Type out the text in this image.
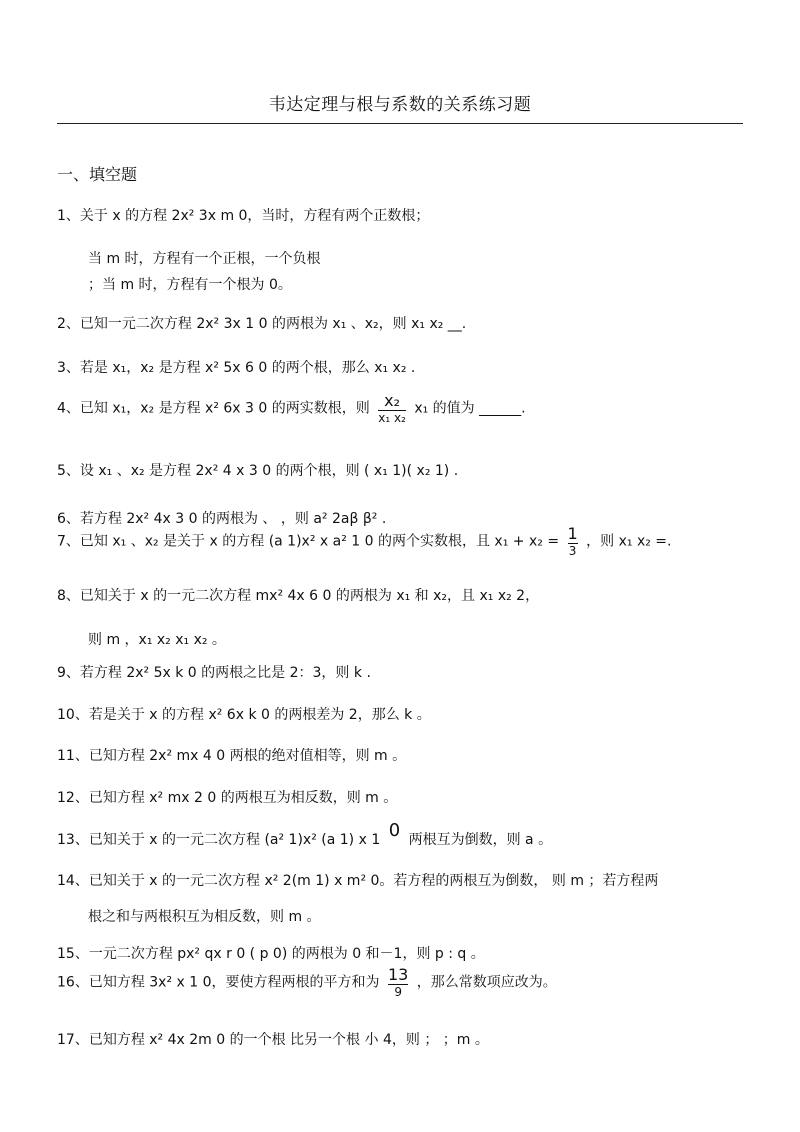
韦达定理与根与系数的关系练习题
一、填空题
1、关于 x 的方程 2x² 3x m 0，当时，方程有两个正数根；
当 m 时，方程有一个正根，一个负根
；当 m 时，方程有一个根为 0。
2、已知一元二次方程 2x² 3x 1 0 的两根为 x₁ 、x₂，则 x₁ x₂ __.
3、若是 x₁，x₂ 是方程 x² 5x 6 0 的两个根，那么 x₁ x₂ .
4、已知 x₁，x₂ 是方程 x² 6x 3 0 的两实数根，则 $\frac{\text{x₂}}{\text{x₁ x₂}} x_1$ 的值为 ______.
5、设 x₁ 、x₂ 是方程 2x² 4 x 3 0 的两个根，则 ( x₁ 1)( x₂ 1) .
6、若方程 2x² 4x 3 0 的两根为 、 ，则 a² 2aβ β² .
7、已知 x₁ 、x₂ 是关于 x 的方程 (a 1)x² x a² 1 0 的两个实数根，且 $x_1 + x_2 = \frac{1}{3}$ ，则 x₁ x₂ =.
8、已知关于 x 的一元二次方程 mx² 4x 6 0 的两根为 x₁ 和 x₂，且 x₁ x₂ 2，
则 m ，x₁ x₂ x₁ x₂ 。
9、若方程 2x² 5x k 0 的两根之比是 2：3，则 k .
10、若是关于 x 的方程 x² 6x k 0 的两根差为 2，那么 k 。
11、已知方程 2x² mx 4 0 两根的绝对值相等，则 m 。
12、已知方程 x² mx 2 0 的两根互为相反数，则 m 。
13、已知关于 x 的一元二次方程 (a² 1)x² (a 1) x 1 0 两根互为倒数，则 a 。
14、已知关于 x 的一元二次方程 x² 2(m 1) x m² 0。若方程的两根互为倒数， 则 m ；若方程两
根之和与两根积互为相反数，则 m 。
15、一元二次方程 px² qx r 0 ( p 0) 的两根为 0 和－1，则 p : q 。
16、已知方程 3x² x 1 0，要使方程两根的平方和为 $\frac{13}{9}$ ，那么常数项应改为。
17、已知方程 x² 4x 2m 0 的一个根 比另一个根 小 4，则 ； ；m 。
